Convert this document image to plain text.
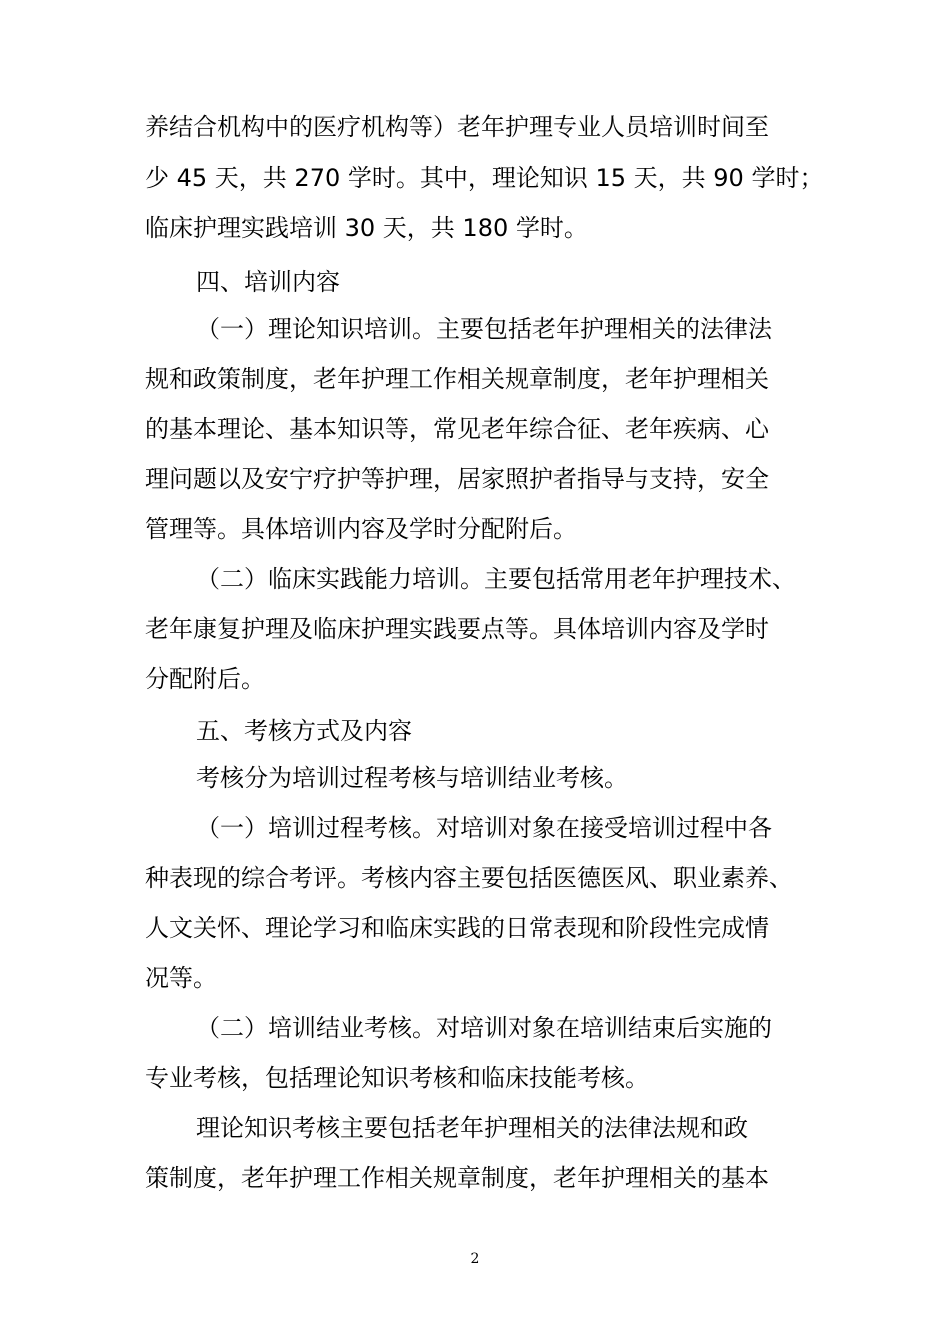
养结合机构中的医疗机构等）老年护理专业人员培训时间至
少 45 天，共 270 学时。其中，理论知识 15 天，共 90 学时；
临床护理实践培训 30 天，共 180 学时。
四、培训内容
（一）理论知识培训。主要包括老年护理相关的法律法
规和政策制度，老年护理工作相关规章制度，老年护理相关
的基本理论、基本知识等，常见老年综合征、老年疾病、心
理问题以及安宁疗护等护理，居家照护者指导与支持，安全
管理等。具体培训内容及学时分配附后。
（二）临床实践能力培训。主要包括常用老年护理技术、
老年康复护理及临床护理实践要点等。具体培训内容及学时
分配附后。
五、考核方式及内容
考核分为培训过程考核与培训结业考核。
（一）培训过程考核。对培训对象在接受培训过程中各
种表现的综合考评。考核内容主要包括医德医风、职业素养、
人文关怀、理论学习和临床实践的日常表现和阶段性完成情
况等。
（二）培训结业考核。对培训对象在培训结束后实施的
专业考核，包括理论知识考核和临床技能考核。
理论知识考核主要包括老年护理相关的法律法规和政
策制度，老年护理工作相关规章制度，老年护理相关的基本
2
